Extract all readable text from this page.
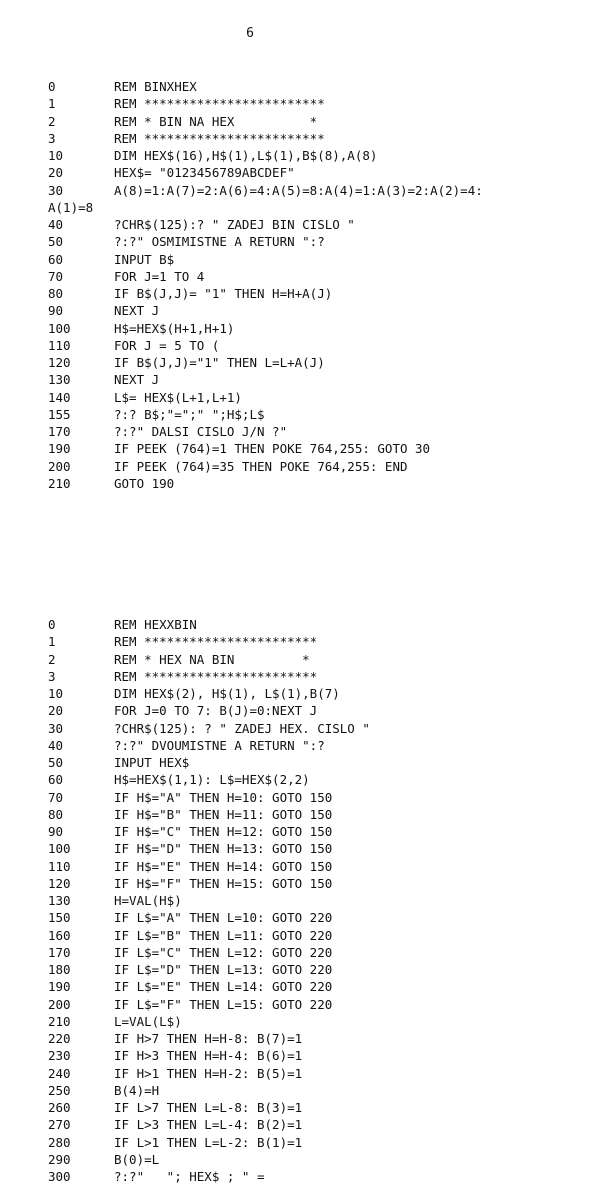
6
0	REM BINXHEX
1	REM ************************
2	REM * BIN NA HEX          *
3	REM ************************
10	DIM HEX$(16),H$(1),L$(1),B$(8),A(8)
20	HEX$= "0123456789ABCDEF"
30	A(8)=1:A(7)=2:A(6)=4:A(5)=8:A(4)=1:A(3)=2:A(2)=4:
A(1)=8
40	?CHR$(125):? " ZADEJ BIN CISLO "
50	?:?" OSMIMISTNE A RETURN ":?
60	INPUT B$
70	FOR J=1 TO 4
80	IF B$(J,J)= "1" THEN H=H+A(J)
90	NEXT J
100	H$=HEX$(H+1,H+1)
110	FOR J = 5 TO (
120	IF B$(J,J)="1" THEN L=L+A(J)
130	NEXT J
140	L$= HEX$(L+1,L+1)
155	?:? B$;"=";" ";H$;L$
170	?:?" DALSI CISLO J/N ?"
190	IF PEEK (764)=1 THEN POKE 764,255: GOTO 30
200	IF PEEK (764)=35 THEN POKE 764,255: END
210	GOTO 190
0	REM HEXXBIN
1	REM ***********************
2	REM * HEX NA BIN         *
3	REM ***********************
10	DIM HEX$(2), H$(1), L$(1),B(7)
20	FOR J=0 TO 7: B(J)=0:NEXT J
30	?CHR$(125): ? " ZADEJ HEX. CISLO "
40	?:?" DVOUMISTNE A RETURN ":?
50	INPUT HEX$
60	H$=HEX$(1,1): L$=HEX$(2,2)
70	IF H$="A" THEN H=10: GOTO 150
80	IF H$="B" THEN H=11: GOTO 150
90	IF H$="C" THEN H=12: GOTO 150
100	IF H$="D" THEN H=13: GOTO 150
110	IF H$="E" THEN H=14: GOTO 150
120	IF H$="F" THEN H=15: GOTO 150
130	H=VAL(H$)
150	IF L$="A" THEN L=10: GOTO 220
160	IF L$="B" THEN L=11: GOTO 220
170	IF L$="C" THEN L=12: GOTO 220
180	IF L$="D" THEN L=13: GOTO 220
190	IF L$="E" THEN L=14: GOTO 220
200	IF L$="F" THEN L=15: GOTO 220
210	L=VAL(L$)
220	IF H>7 THEN H=H-8: B(7)=1
230	IF H>3 THEN H=H-4: B(6)=1
240	IF H>1 THEN H=H-2: B(5)=1
250	B(4)=H
260	IF L>7 THEN L=L-8: B(3)=1
270	IF L>3 THEN L=L-4: B(2)=1
280	IF L>1 THEN L=L-2: B(1)=1
290	B(0)=L
300	?:?"   "; HEX$ ; " =
